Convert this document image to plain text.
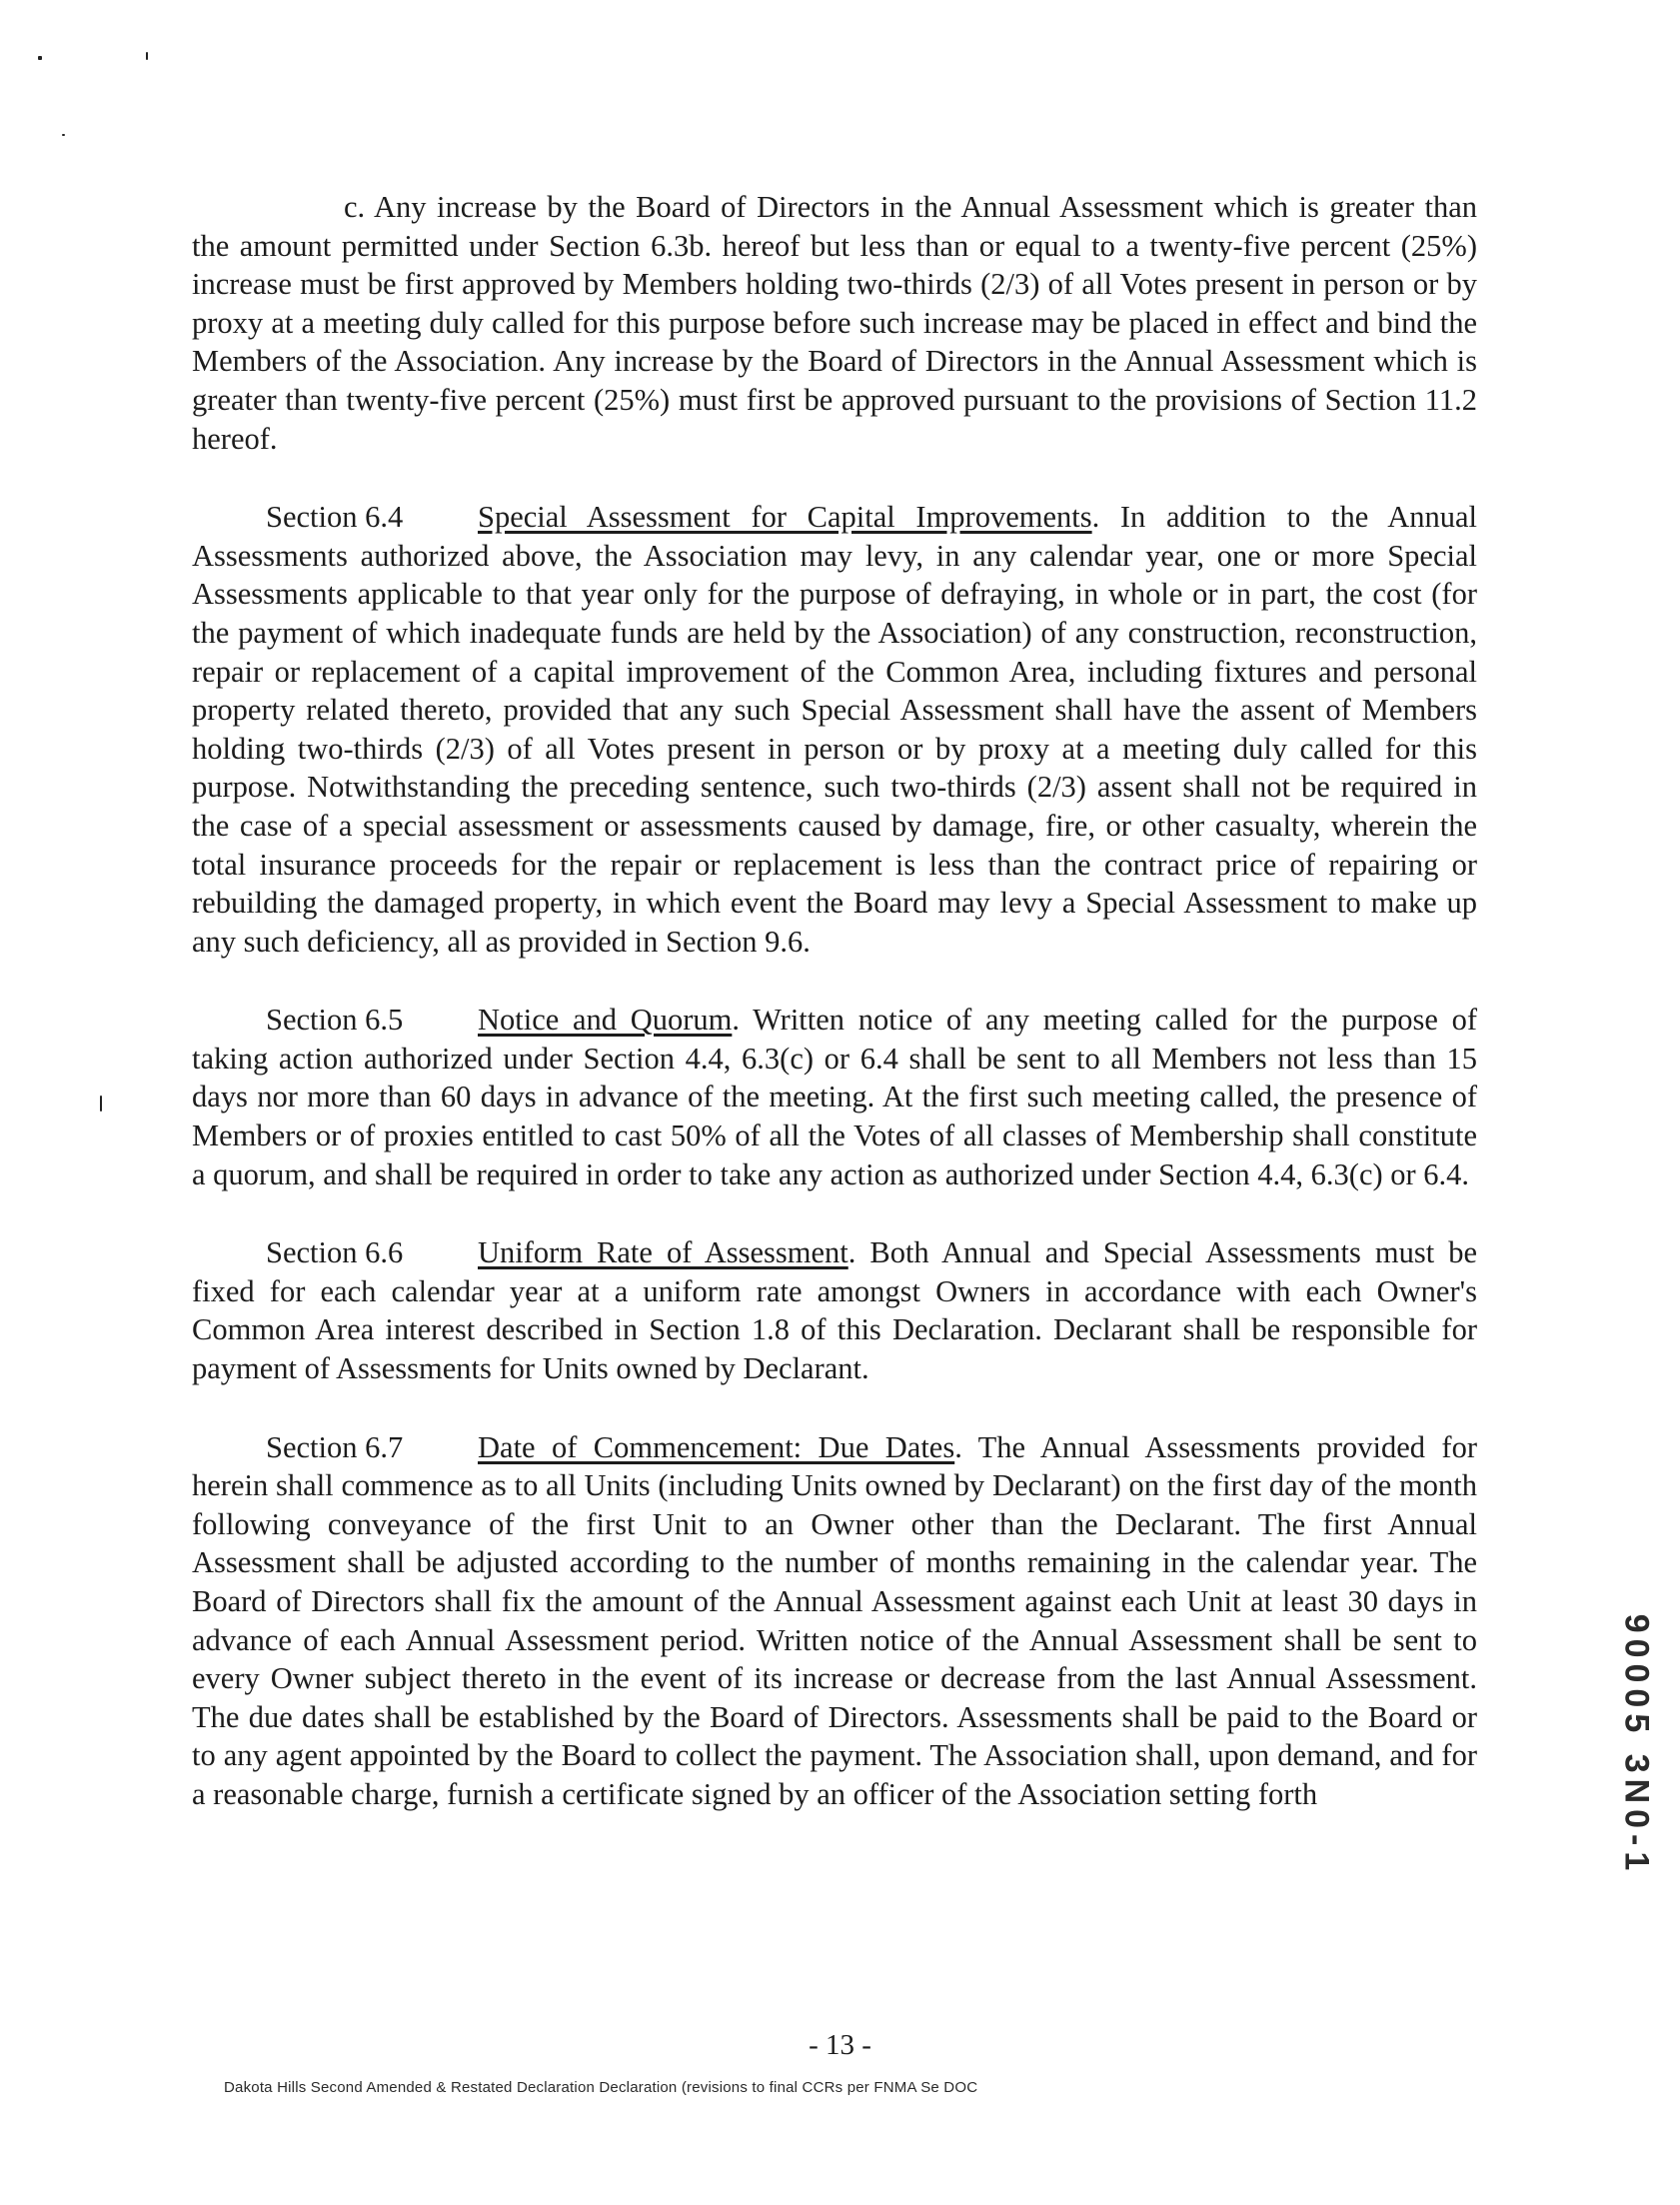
c. Any increase by the Board of Directors in the Annual Assessment which is greater than the amount permitted under Section 6.3b. hereof but less than or equal to a twenty-five percent (25%) increase must be first approved by Members holding two-thirds (2/3) of all Votes present in person or by proxy at a meeting duly called for this purpose before such increase may be placed in effect and bind the Members of the Association. Any increase by the Board of Directors in the Annual Assessment which is greater than twenty-five percent (25%) must first be approved pursuant to the provisions of Section 11.2 hereof.

Section 6.4 Special Assessment for Capital Improvements. In addition to the Annual Assessments authorized above, the Association may levy, in any calendar year, one or more Special Assessments applicable to that year only for the purpose of defraying, in whole or in part, the cost (for the payment of which inadequate funds are held by the Association) of any construction, reconstruction, repair or replacement of a capital improvement of the Common Area, including fixtures and personal property related thereto, provided that any such Special Assessment shall have the assent of Members holding two-thirds (2/3) of all Votes present in person or by proxy at a meeting duly called for this purpose. Notwithstanding the preceding sentence, such two-thirds (2/3) assent shall not be required in the case of a special assessment or assessments caused by damage, fire, or other casualty, wherein the total insurance proceeds for the repair or replacement is less than the contract price of repairing or rebuilding the damaged property, in which event the Board may levy a Special Assessment to make up any such deficiency, all as provided in Section 9.6.

Section 6.5 Notice and Quorum. Written notice of any meeting called for the purpose of taking action authorized under Section 4.4, 6.3(c) or 6.4 shall be sent to all Members not less than 15 days nor more than 60 days in advance of the meeting. At the first such meeting called, the presence of Members or of proxies entitled to cast 50% of all the Votes of all classes of Membership shall constitute a quorum, and shall be required in order to take any action as authorized under Section 4.4, 6.3(c) or 6.4.

Section 6.6 Uniform Rate of Assessment. Both Annual and Special Assessments must be fixed for each calendar year at a uniform rate amongst Owners in accordance with each Owner's Common Area interest described in Section 1.8 of this Declaration. Declarant shall be responsible for payment of Assessments for Units owned by Declarant.

Section 6.7 Date of Commencement: Due Dates. The Annual Assessments provided for herein shall commence as to all Units (including Units owned by Declarant) on the first day of the month following conveyance of the first Unit to an Owner other than the Declarant. The first Annual Assessment shall be adjusted according to the number of months remaining in the calendar year. The Board of Directors shall fix the amount of the Annual Assessment against each Unit at least 30 days in advance of each Annual Assessment period. Written notice of the Annual Assessment shall be sent to every Owner subject thereto in the event of its increase or decrease from the last Annual Assessment. The due dates shall be established by the Board of Directors. Assessments shall be paid to the Board or to any agent appointed by the Board to collect the payment. The Association shall, upon demand, and for a reasonable charge, furnish a certificate signed by an officer of the Association setting forth	90005 3N0-1
- 13 -
Dakota Hills Second Amended & Restated Declaration Declaration (revisions to final CCRs per FNMA Se DOC
